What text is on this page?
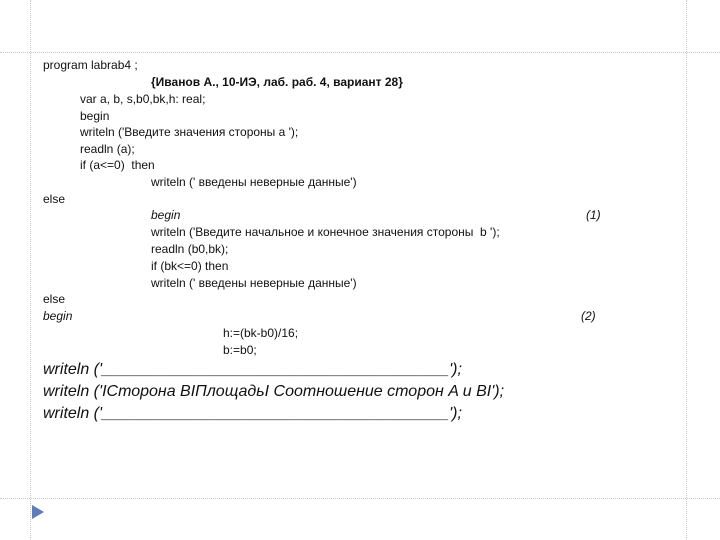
program labrab4 ;
{Иванов А., 10-ИЭ, лаб. раб. 4, вариант 28}
var a, b, s,b0,bk,h: real;
begin
writeln ('Введите значения стороны а ');
readln (a);
if (a<=0)  then
writeln (' введены неверные данные')
else
begin	(1)
writeln ('Введите начальное и конечное значения стороны  b ');
readln (b0,bk);
if (bk<=0) then
writeln (' введены неверные данные')
else
begin	(2)
h:=(bk-b0)/16;
b:=b0;
writeln ('_______________________________________');
writeln ('IСторона BIПлощадьI Соотношение сторон A и BI');
writeln ('_______________________________________');
